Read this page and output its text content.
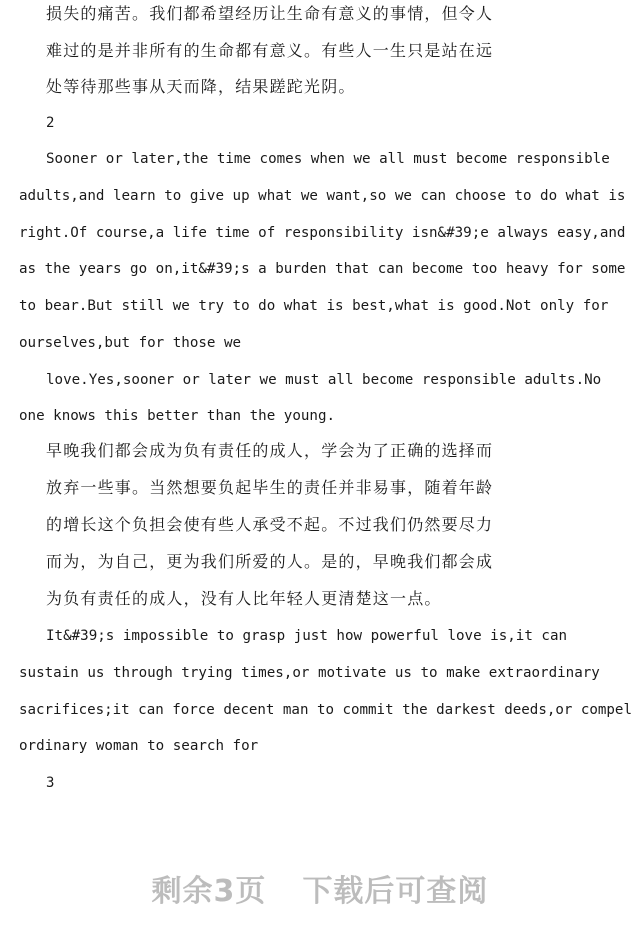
损失的痛苦。我们都希望经历让生命有意义的事情，但令人
难过的是并非所有的生命都有意义。有些人一生只是站在远
处等待那些事从天而降，结果蹉跎光阴。
2
Sooner or later,the time comes when we all must become responsible
adults,and learn to give up what we want,so we can choose to do what is
right.Of course,a life time of responsibility isn&#39;e always easy,and
as the years go on,it&#39;s a burden that can become too heavy for some
to bear.But still we try to do what is best,what is good.Not only for
ourselves,but for those we
love.Yes,sooner or later we must all become responsible adults.No
one knows this better than the young.
早晚我们都会成为负有责任的成人，学会为了正确的选择而
放弃一些事。当然想要负起毕生的责任并非易事，随着年龄
的增长这个负担会使有些人承受不起。不过我们仍然要尽力
而为，为自己，更为我们所爱的人。是的，早晚我们都会成
为负有责任的成人，没有人比年轻人更清楚这一点。
It&#39;s impossible to grasp just how powerful love is,it can
sustain us through trying times,or motivate us to make extraordinary
sacrifices;it can force decent man to commit the darkest deeds,or compel
ordinary woman to search for
3
剩余3页 下载后可查阅
